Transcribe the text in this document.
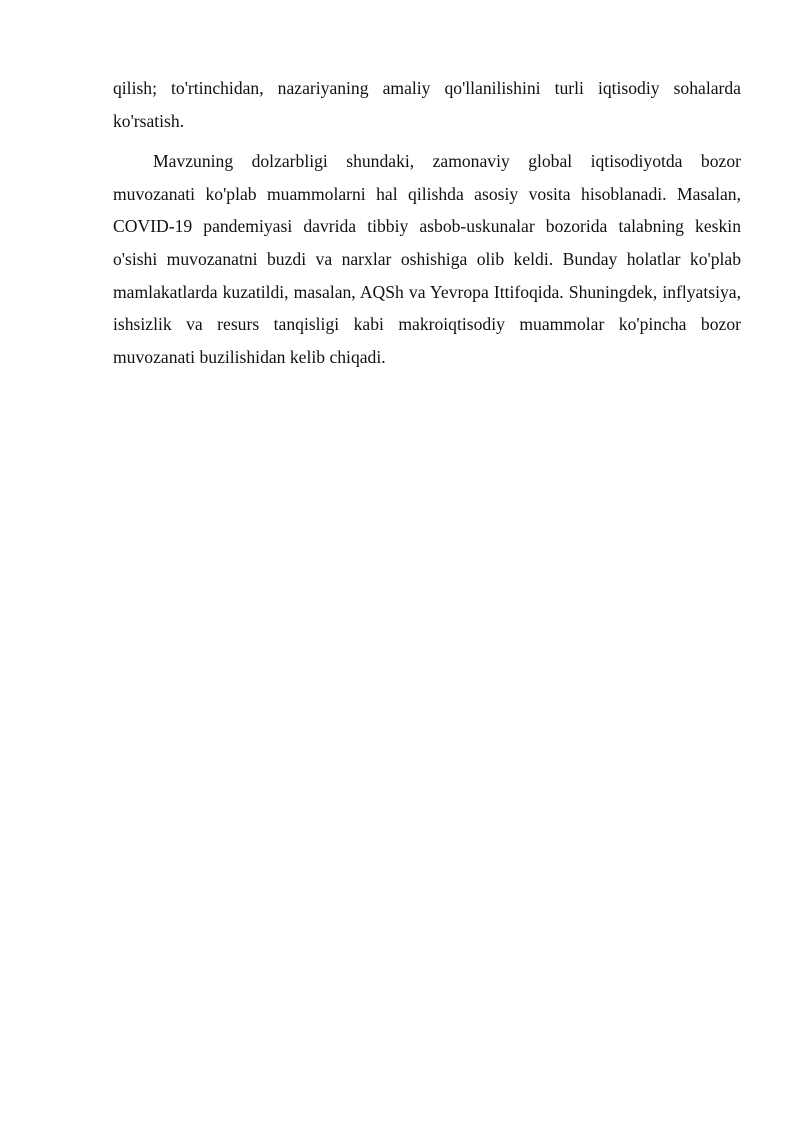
qilish; to'rtinchidan, nazariyaning amaliy qo'llanilishini turli iqtisodiy sohalarda ko'rsatish.

Mavzuning dolzarbligi shundaki, zamonaviy global iqtisodiyotda bozor muvozanati ko'plab muammolarni hal qilishda asosiy vosita hisoblanadi. Masalan, COVID-19 pandemiyasi davrida tibbiy asbob-uskunalar bozorida talabning keskin o'sishi muvozanatni buzdi va narxlar oshishiga olib keldi. Bunday holatlar ko'plab mamlakatlarda kuzatildi, masalan, AQSh va Yevropa Ittifoqida. Shuningdek, inflyatsiya, ishsizlik va resurs tanqisligi kabi makroiqtisodiy muammolar ko'pincha bozor muvozanati buzilishidan kelib chiqadi.
